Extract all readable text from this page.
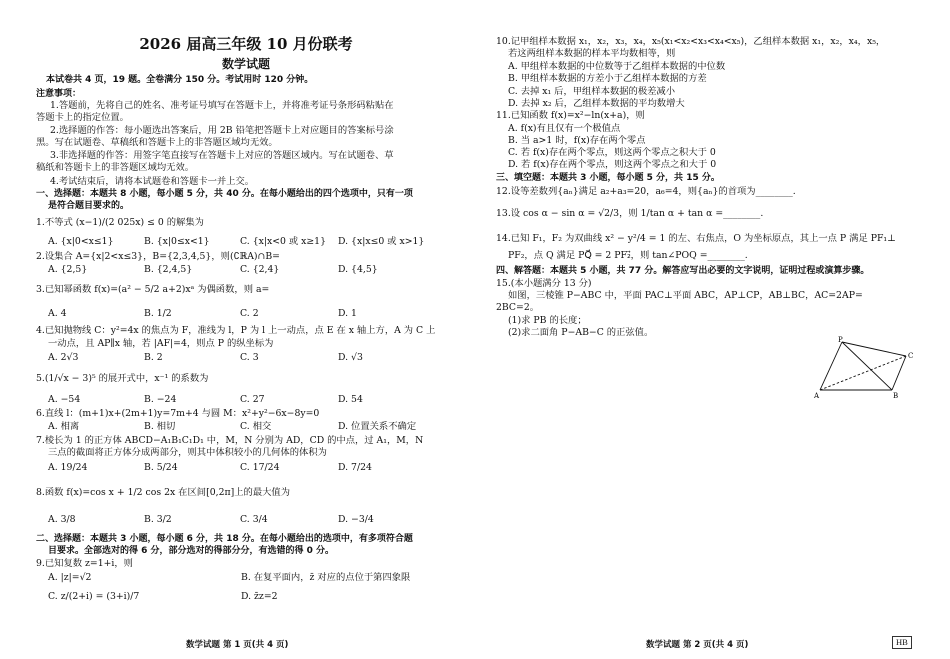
2026 届高三年级 10 月份联考
数学试题
本试卷共 4 页，19 题。全卷满分 150 分。考试用时 120 分钟。
注意事项：
1.答题前，先将自己的姓名、准考证号填写在答题卡上，并将准考证号条形码粘贴在
答题卡上的指定位置。
2.选择题的作答：每小题选出答案后，用 2B 铅笔把答题卡上对应题目的答案标号涂
黑。写在试题卷、草稿纸和答题卡上的非答题区域均无效。
3.非选择题的作答：用签字笔直接写在答题卡上对应的答题区域内。写在试题卷、草
稿纸和答题卡上的非答题区域均无效。
4.考试结束后，请将本试题卷和答题卡一并上交。
一、选择题：本题共 8 小题，每小题 5 分，共 40 分。在每小题给出的四个选项中，只有一项
是符合题目要求的。
1.不等式 (x−1)/(2 025x) ≤ 0 的解集为
A. {x|0<x≤1}	B. {x|0≤x<1}	C. {x|x<0 或 x≥1} D. {x|x≤0 或 x>1}
2.设集合 A={x|2<x≤3}，B={2,3,4,5}，则(∁ℝA)∩B=
A. {2,5}	B. {2,4,5}	C. {2,4}	D. {4,5}
3.已知幂函数 f(x)=(a² − 5/2 a+2)xᵃ 为偶函数，则 a=
A. 4	B. 1/2	C. 2	D. 1
4.已知抛物线 C：y²=4x 的焦点为 F，准线为 l，P 为 l 上一动点，点 E 在 x 轴上方，A 为 C 上
一动点，且 AP∥x 轴，若 |AF|=4，则点 P 的纵坐标为
A. 2√3	B. 2	C. 3	D. √3
5.(1/√x − 3)⁵ 的展开式中，x⁻¹ 的系数为
A. −54	B. −24	C. 27	D. 54
6.直线 l：(m+1)x+(2m+1)y=7m+4 与圆 M：x²+y²−6x−8y=0
A. 相离	B. 相切	C. 相交	D. 位置关系不确定
7.棱长为 1 的正方体 ABCD−A₁B₁C₁D₁ 中，M，N 分别为 AD，CD 的中点，过 A₁，M，N
三点的截面将正方体分成两部分，则其中体积较小的几何体的体积为
A. 19/24	B. 5/24	C. 17/24	D. 7/24
8.函数 f(x)=cos x + 1/2 cos 2x 在区间[0,2π]上的最大值为
A. 3/8	B. 3/2	C. 3/4	D. −3/4
二、选择题：本题共 3 小题，每小题 6 分，共 18 分。在每小题给出的选项中，有多项符合题
目要求。全部选对的得 6 分，部分选对的得部分分，有选错的得 0 分。
9.已知复数 z=1+i，则
A. |z|=√2	B. 在复平面内，z̄ 对应的点位于第四象限
C. z/(2+i) = (3+i)/7	D. z̄z=2
数学试题 第 1 页(共 4 页)
10.记甲组样本数据 x₁，x₂，x₃，x₄，x₅(x₁<x₂<x₃<x₄<x₅)，乙组样本数据 x₁，x₂，x₄，x₅，
若这两组样本数据的样本平均数相等，则
A. 甲组样本数据的中位数等于乙组样本数据的中位数
B. 甲组样本数据的方差小于乙组样本数据的方差
C. 去掉 x₁ 后，甲组样本数据的极差减小
D. 去掉 x₂ 后，乙组样本数据的平均数增大
11.已知函数 f(x)=x²−ln(x+a)，则
A. f(x)有且仅有一个极值点
B. 当 a>1 时，f(x)存在两个零点
C. 若 f(x)存在两个零点，则这两个零点之积大于 0
D. 若 f(x)存在两个零点，则这两个零点之和大于 0
三、填空题：本题共 3 小题，每小题 5 分，共 15 分。
12.设等差数列{aₙ}满足 a₂+a₃=20，a₆=4，则{aₙ}的首项为________.
13.设 cos α − sin α = √2/3，则 1/tan α + tan α =________.
14.已知 F₁，F₂ 为双曲线 x² − y²/4 = 1 的左、右焦点，O 为坐标原点，其上一点 P 满足 PF₁⊥
PF₂，点 Q 满足 PQ⃗ = 2 PF₂⃗，则 tan∠POQ =________.
四、解答题：本题共 5 小题，共 77 分。解答应写出必要的文字说明，证明过程或演算步骤。
15.(本小题满分 13 分)
如图，三棱锥 P−ABC 中，平面 PAC⊥平面 ABC，AP⊥CP，AB⊥BC，AC=2AP=
2BC=2。
(1)求 PB 的长度；
(2)求二面角 P−AB−C 的正弦值。
P
C
A	B
数学试题 第 2 页(共 4 页)	HB
